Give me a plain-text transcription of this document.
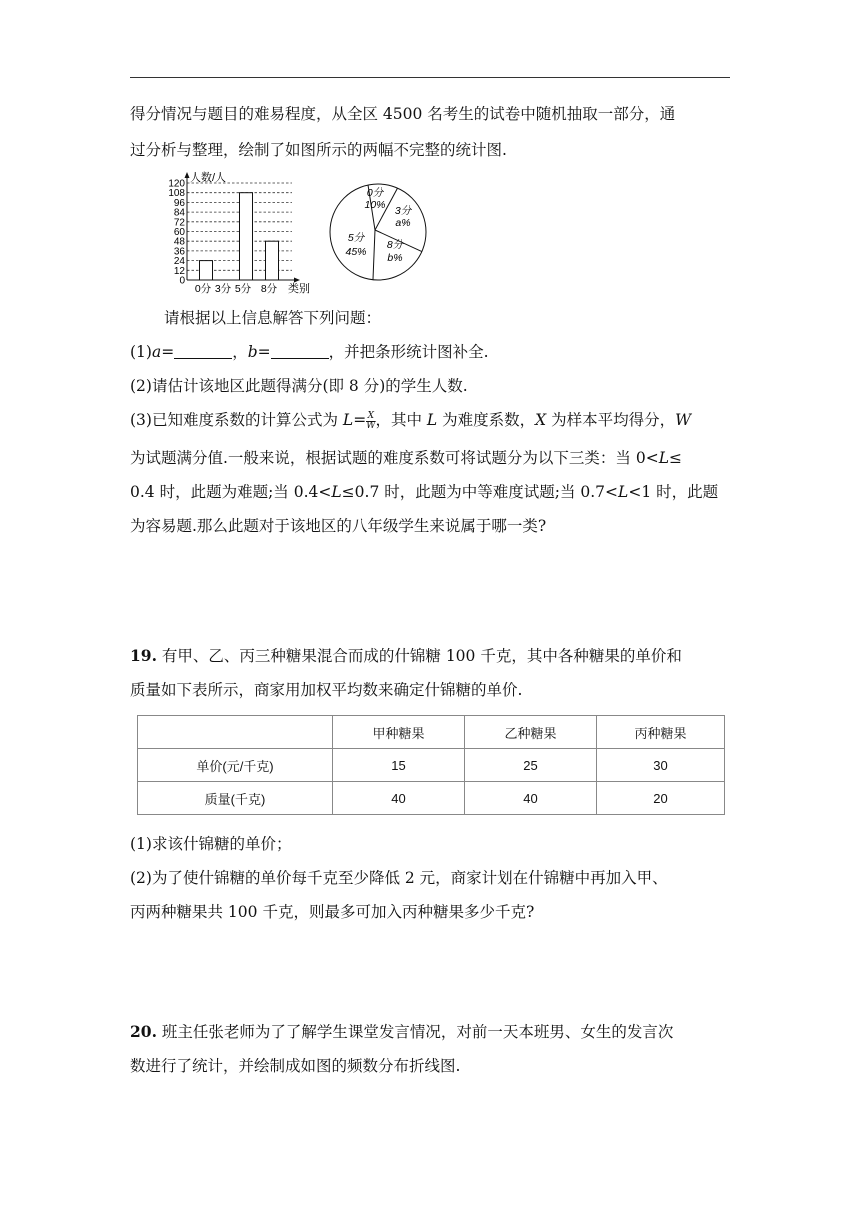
得分情况与题目的难易程度，从全区 4500 名考生的试卷中随机抽取一部分，通
过分析与整理，绘制了如图所示的两幅不完整的统计图.
0
12
24
36
48
60
72
84
96
108
120
0分 3分 5分 8分
人数/人
类别
0分
10% 3分
a%
8分
b%
5分
45%
请根据以上信息解答下列问题：
(1)a=	，b=	，并把条形统计图补全.
(2)请估计该地区此题得满分(即 8 分)的学生人数.
(3)已知难度系数的计算公式为 $L= \frac{X}{W}$ ，其中 L 为难度系数，X 为样本平均得分，W
为试题满分值.一般来说，根据试题的难度系数可将试题分为以下三类：当 0<L≤
0.4 时，此题为难题;当 0.4<L≤0.7 时，此题为中等难度试题;当 0.7<L<1 时，此题
为容易题.那么此题对于该地区的八年级学生来说属于哪一类?
19. 有甲、乙、丙三种糖果混合而成的什锦糖 100 千克，其中各种糖果的单价和
质量如下表所示，商家用加权平均数来确定什锦糖的单价.
	甲种糖果	乙种糖果	丙种糖果
单价(元/千克)	15	25	30
质量(千克)	40	40	20
(1)求该什锦糖的单价；
(2)为了使什锦糖的单价每千克至少降低 2 元，商家计划在什锦糖中再加入甲、
丙两种糖果共 100 千克，则最多可加入丙种糖果多少千克?
20. 班主任张老师为了了解学生课堂发言情况，对前一天本班男、女生的发言次
数进行了统计，并绘制成如图的频数分布折线图.
